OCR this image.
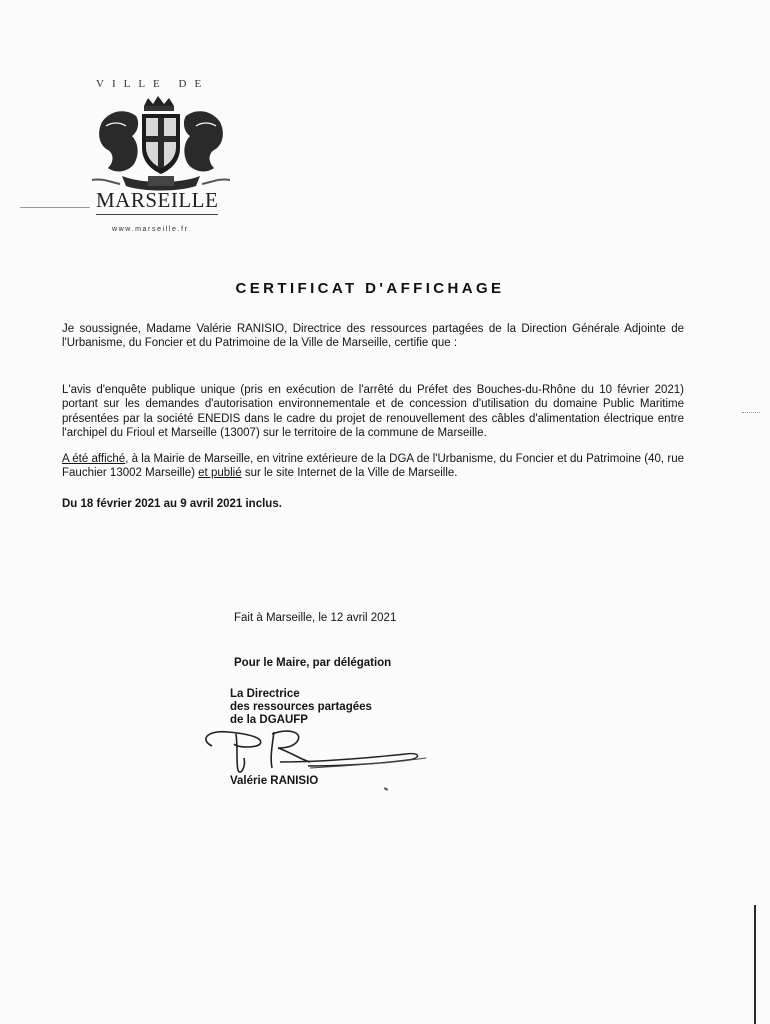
VILLE DE
MARSEILLE
www.marseille.fr
CERTIFICAT D'AFFICHAGE

Je soussignée, Madame Valérie RANISIO, Directrice des ressources partagées de la Direction Générale Adjointe de l'Urbanisme, du Foncier et du Patrimoine de la Ville de Marseille, certifie que :

L'avis d'enquête publique unique (pris en exécution de l'arrêté du Préfet des Bouches-du-Rhône du 10 février 2021) portant sur les demandes d'autorisation environnementale et de concession d'utilisation du domaine Public Maritime présentées par la société ENEDIS dans le cadre du projet de renouvellement des câbles d'alimentation électrique entre l'archipel du Frioul et Marseille (13007) sur le territoire de la commune de Marseille.

A été affiché, à la Mairie de Marseille, en vitrine extérieure de la DGA de l'Urbanisme, du Foncier et du Patrimoine (40, rue Fauchier 13002 Marseille) et publié sur le site Internet de la Ville de Marseille.

Du 18 février 2021 au 9 avril 2021 inclus.
Fait à Marseille, le 12 avril 2021
Pour le Maire, par délégation
La Directrice
des ressources partagées
de la DGAUFP
Valérie RANISIO
